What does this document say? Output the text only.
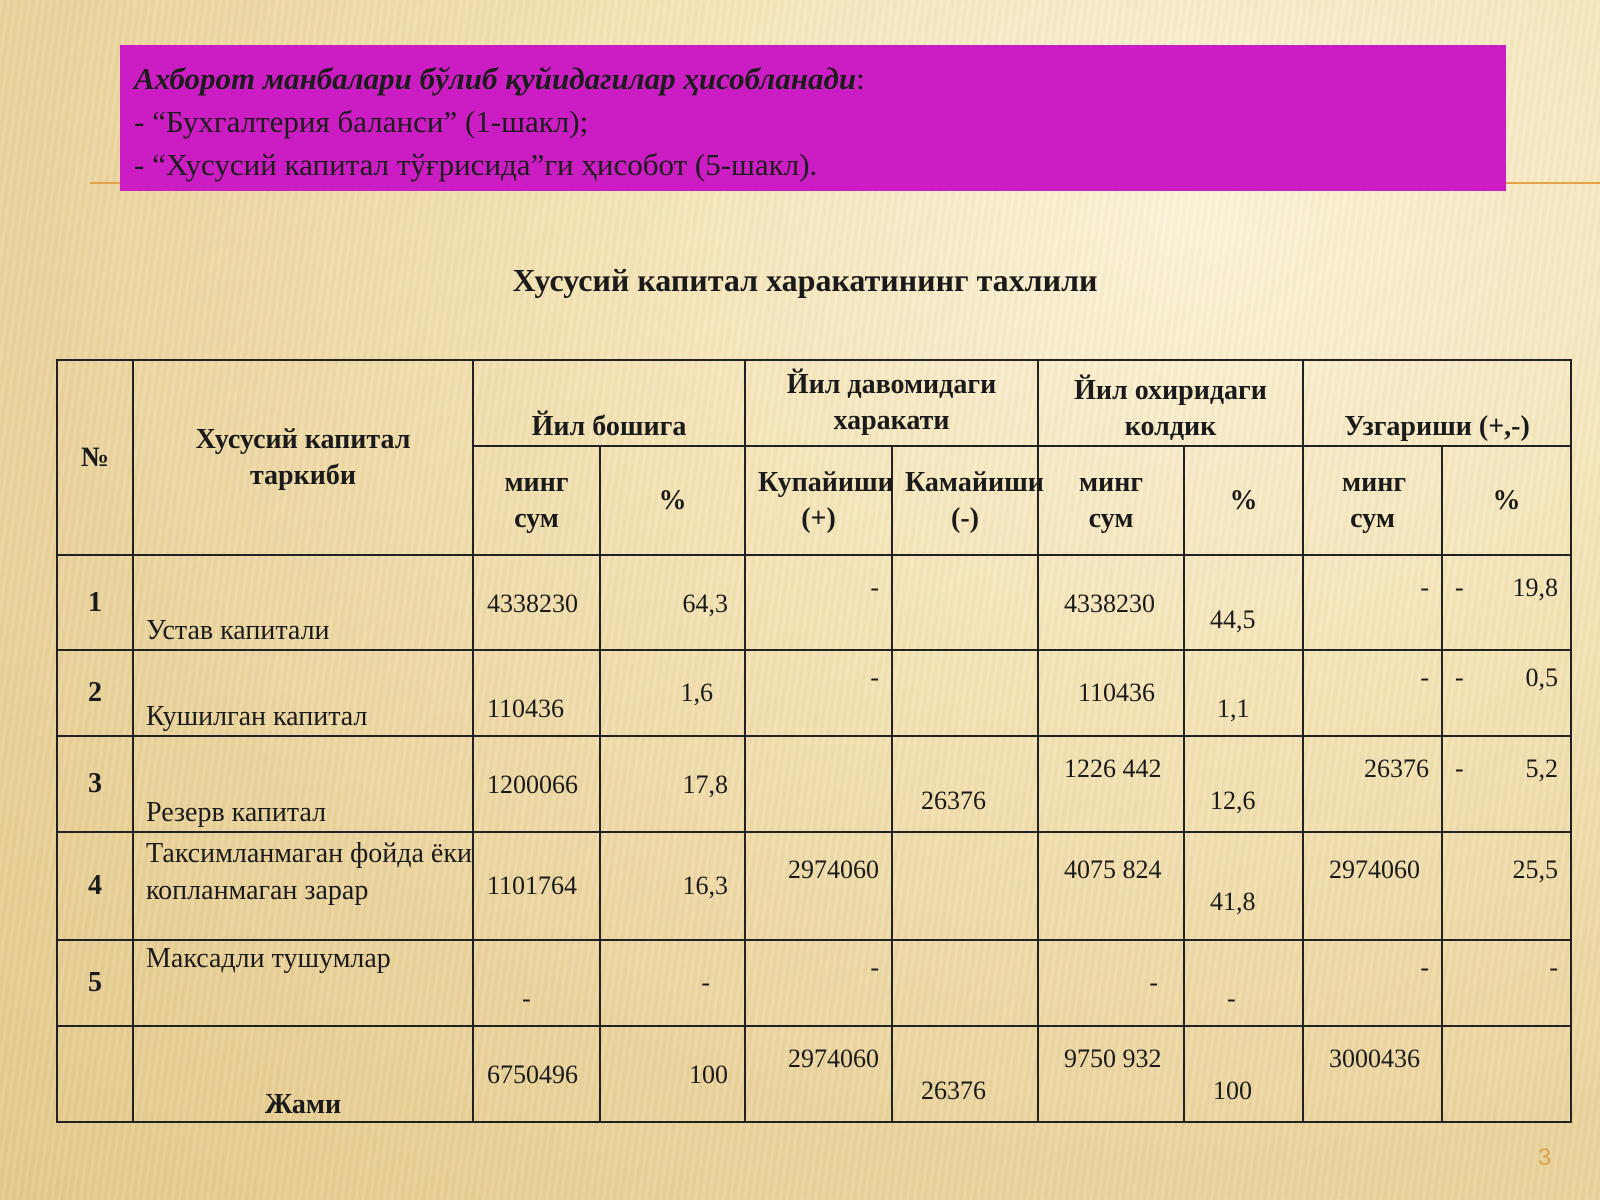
Ахборот манбалари бўлиб қуйидагилар ҳисобланади:
- “Бухгалтерия баланси” (1-шакл);
- “Хусусий капитал тўғрисида”ги ҳисобот (5-шакл).
Хусусий капитал харакатининг тахлили
№	Хусусий капитал таркиби	Йил бошига		Йил давомидаги харакати		Йил охиридаги колдик		Узгариши (+,-)	
		минг сум	%	Купайиши (+)	Камайиши (-)	минг сум	%	минг сум	%
1	Устав капитали	4338230	64,3	-		4338230	44,5	-	- 19,8

2	Кушилган капитал	110436	1,6	-		110436	1,1	-	- 0,5

3	Резерв капитал	1200066	17,8		26376	1226 442	12,6	26376	- 5,2

4	Таксимланмаган фойда ёки копланмаган зарар	1101764	16,3	2974060		4075 824	41,8	2974060	25,5

5	Максадли тушумлар	-	-	-		-	-	-	-

	Жами	6750496	100	2974060	26376	9750 932	100	3000436	

3
